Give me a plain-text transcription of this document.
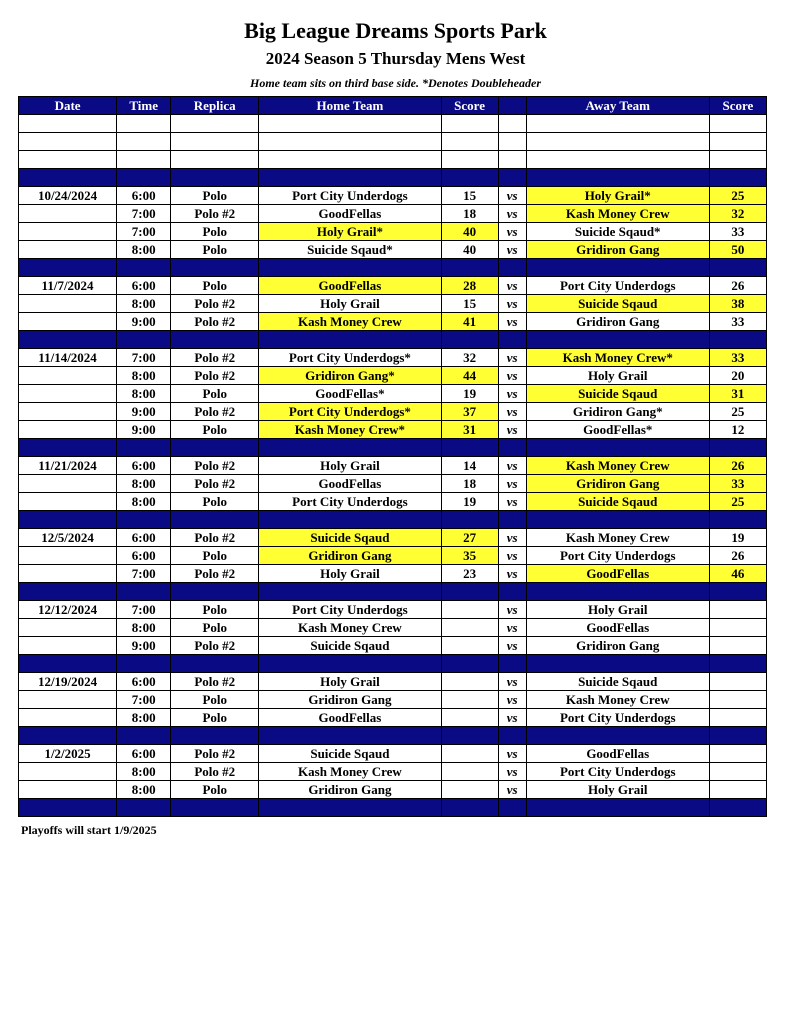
Big League Dreams Sports Park
2024 Season 5 Thursday Mens West
Home team sits on third base side. *Denotes Doubleheader
Date	Time	Replica	Home Team	Score		Away Team	Score

10/24/2024	6:00	Polo	Port City Underdogs	15	vs	Holy Grail*	25
	7:00	Polo #2	GoodFellas	18	vs	Kash Money Crew	32
	7:00	Polo	Holy Grail*	40	vs	Suicide Sqaud*	33
	8:00	Polo	Suicide Sqaud*	40	vs	Gridiron Gang	50

11/7/2024	6:00	Polo	GoodFellas	28	vs	Port City Underdogs	26
	8:00	Polo #2	Holy Grail	15	vs	Suicide Sqaud	38
	9:00	Polo #2	Kash Money Crew	41	vs	Gridiron Gang	33

11/14/2024	7:00	Polo #2	Port City Underdogs*	32	vs	Kash Money Crew*	33
	8:00	Polo #2	Gridiron Gang*	44	vs	Holy Grail	20
	8:00	Polo	GoodFellas*	19	vs	Suicide Sqaud	31
	9:00	Polo #2	Port City Underdogs*	37	vs	Gridiron Gang*	25
	9:00	Polo	Kash Money Crew*	31	vs	GoodFellas*	12

11/21/2024	6:00	Polo #2	Holy Grail	14	vs	Kash Money Crew	26
	8:00	Polo #2	GoodFellas	18	vs	Gridiron Gang	33
	8:00	Polo	Port City Underdogs	19	vs	Suicide Sqaud	25

12/5/2024	6:00	Polo #2	Suicide Sqaud	27	vs	Kash Money Crew	19
	6:00	Polo	Gridiron Gang	35	vs	Port City Underdogs	26
	7:00	Polo #2	Holy Grail	23	vs	GoodFellas	46

12/12/2024	7:00	Polo	Port City Underdogs		vs	Holy Grail	
	8:00	Polo	Kash Money Crew		vs	GoodFellas	
	9:00	Polo #2	Suicide Sqaud		vs	Gridiron Gang	

12/19/2024	6:00	Polo #2	Holy Grail		vs	Suicide Sqaud	
	7:00	Polo	Gridiron Gang		vs	Kash Money Crew	
	8:00	Polo	GoodFellas		vs	Port City Underdogs	

1/2/2025	6:00	Polo #2	Suicide Sqaud		vs	GoodFellas	
	8:00	Polo #2	Kash Money Crew		vs	Port City Underdogs	
	8:00	Polo	Gridiron Gang		vs	Holy Grail	

Playoffs will start 1/9/2025
